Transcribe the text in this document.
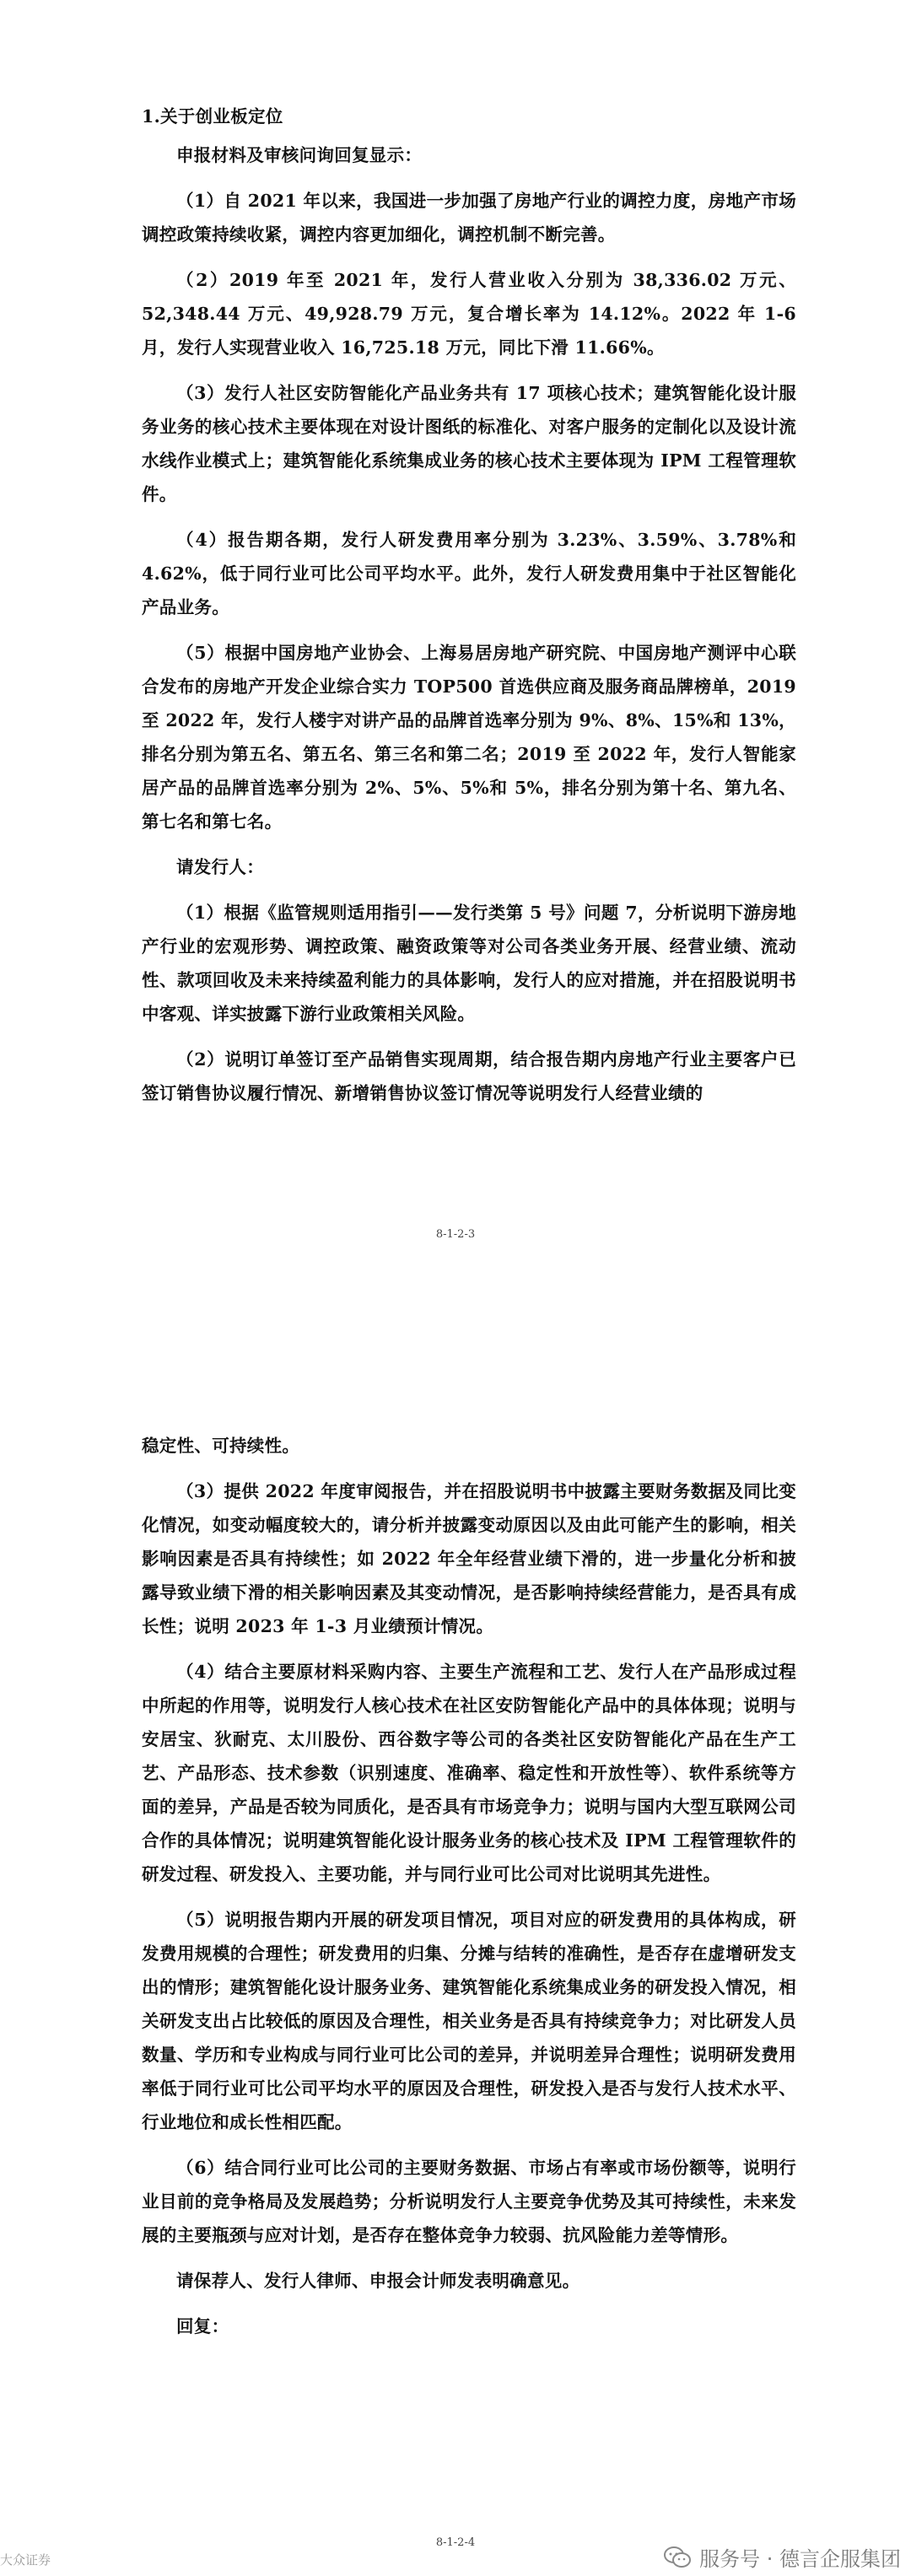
1.关于创业板定位

申报材料及审核问询回复显示：

（1）自 2021 年以来，我国进一步加强了房地产行业的调控力度，房地产市场调控政策持续收紧，调控内容更加细化，调控机制不断完善。

（2）2019 年至 2021 年，发行人营业收入分别为 38,336.02 万元、52,348.44 万元、49,928.79 万元，复合增长率为 14.12%。2022 年 1-6 月，发行人实现营业收入 16,725.18 万元，同比下滑 11.66%。

（3）发行人社区安防智能化产品业务共有 17 项核心技术；建筑智能化设计服务业务的核心技术主要体现在对设计图纸的标准化、对客户服务的定制化以及设计流水线作业模式上；建筑智能化系统集成业务的核心技术主要体现为 IPM 工程管理软件。

（4）报告期各期，发行人研发费用率分别为 3.23%、3.59%、3.78%和 4.62%，低于同行业可比公司平均水平。此外，发行人研发费用集中于社区智能化产品业务。

（5）根据中国房地产业协会、上海易居房地产研究院、中国房地产测评中心联合发布的房地产开发企业综合实力 TOP500 首选供应商及服务商品牌榜单，2019 至 2022 年，发行人楼宇对讲产品的品牌首选率分别为 9%、8%、15%和 13%，排名分别为第五名、第五名、第三名和第二名；2019 至 2022 年，发行人智能家居产品的品牌首选率分别为 2%、5%、5%和 5%，排名分别为第十名、第九名、第七名和第七名。

请发行人：

（1）根据《监管规则适用指引——发行类第 5 号》问题 7，分析说明下游房地产行业的宏观形势、调控政策、融资政策等对公司各类业务开展、经营业绩、流动性、款项回收及未来持续盈利能力的具体影响，发行人的应对措施，并在招股说明书中客观、详实披露下游行业政策相关风险。

（2）说明订单签订至产品销售实现周期，结合报告期内房地产行业主要客户已签订销售协议履行情况、新增销售协议签订情况等说明发行人经营业绩的

8-1-2-3

稳定性、可持续性。

（3）提供 2022 年度审阅报告，并在招股说明书中披露主要财务数据及同比变化情况，如变动幅度较大的，请分析并披露变动原因以及由此可能产生的影响，相关影响因素是否具有持续性；如 2022 年全年经营业绩下滑的，进一步量化分析和披露导致业绩下滑的相关影响因素及其变动情况，是否影响持续经营能力，是否具有成长性；说明 2023 年 1-3 月业绩预计情况。

（4）结合主要原材料采购内容、主要生产流程和工艺、发行人在产品形成过程中所起的作用等，说明发行人核心技术在社区安防智能化产品中的具体体现；说明与安居宝、狄耐克、太川股份、西谷数字等公司的各类社区安防智能化产品在生产工艺、产品形态、技术参数（识别速度、准确率、稳定性和开放性等）、软件系统等方面的差异，产品是否较为同质化，是否具有市场竞争力；说明与国内大型互联网公司合作的具体情况；说明建筑智能化设计服务业务的核心技术及 IPM 工程管理软件的研发过程、研发投入、主要功能，并与同行业可比公司对比说明其先进性。

（5）说明报告期内开展的研发项目情况，项目对应的研发费用的具体构成，研发费用规模的合理性；研发费用的归集、分摊与结转的准确性，是否存在虚增研发支出的情形；建筑智能化设计服务业务、建筑智能化系统集成业务的研发投入情况，相关研发支出占比较低的原因及合理性，相关业务是否具有持续竞争力；对比研发人员数量、学历和专业构成与同行业可比公司的差异，并说明差异合理性；说明研发费用率低于同行业可比公司平均水平的原因及合理性，研发投入是否与发行人技术水平、行业地位和成长性相匹配。

（6）结合同行业可比公司的主要财务数据、市场占有率或市场份额等，说明行业目前的竞争格局及发展趋势；分析说明发行人主要竞争优势及其可持续性，未来发展的主要瓶颈与应对计划，是否存在整体竞争力较弱、抗风险能力差等情形。

请保荐人、发行人律师、申报会计师发表明确意见。

回复：

8-1-2-4
大众证券	服务号 · 德言企服集团
